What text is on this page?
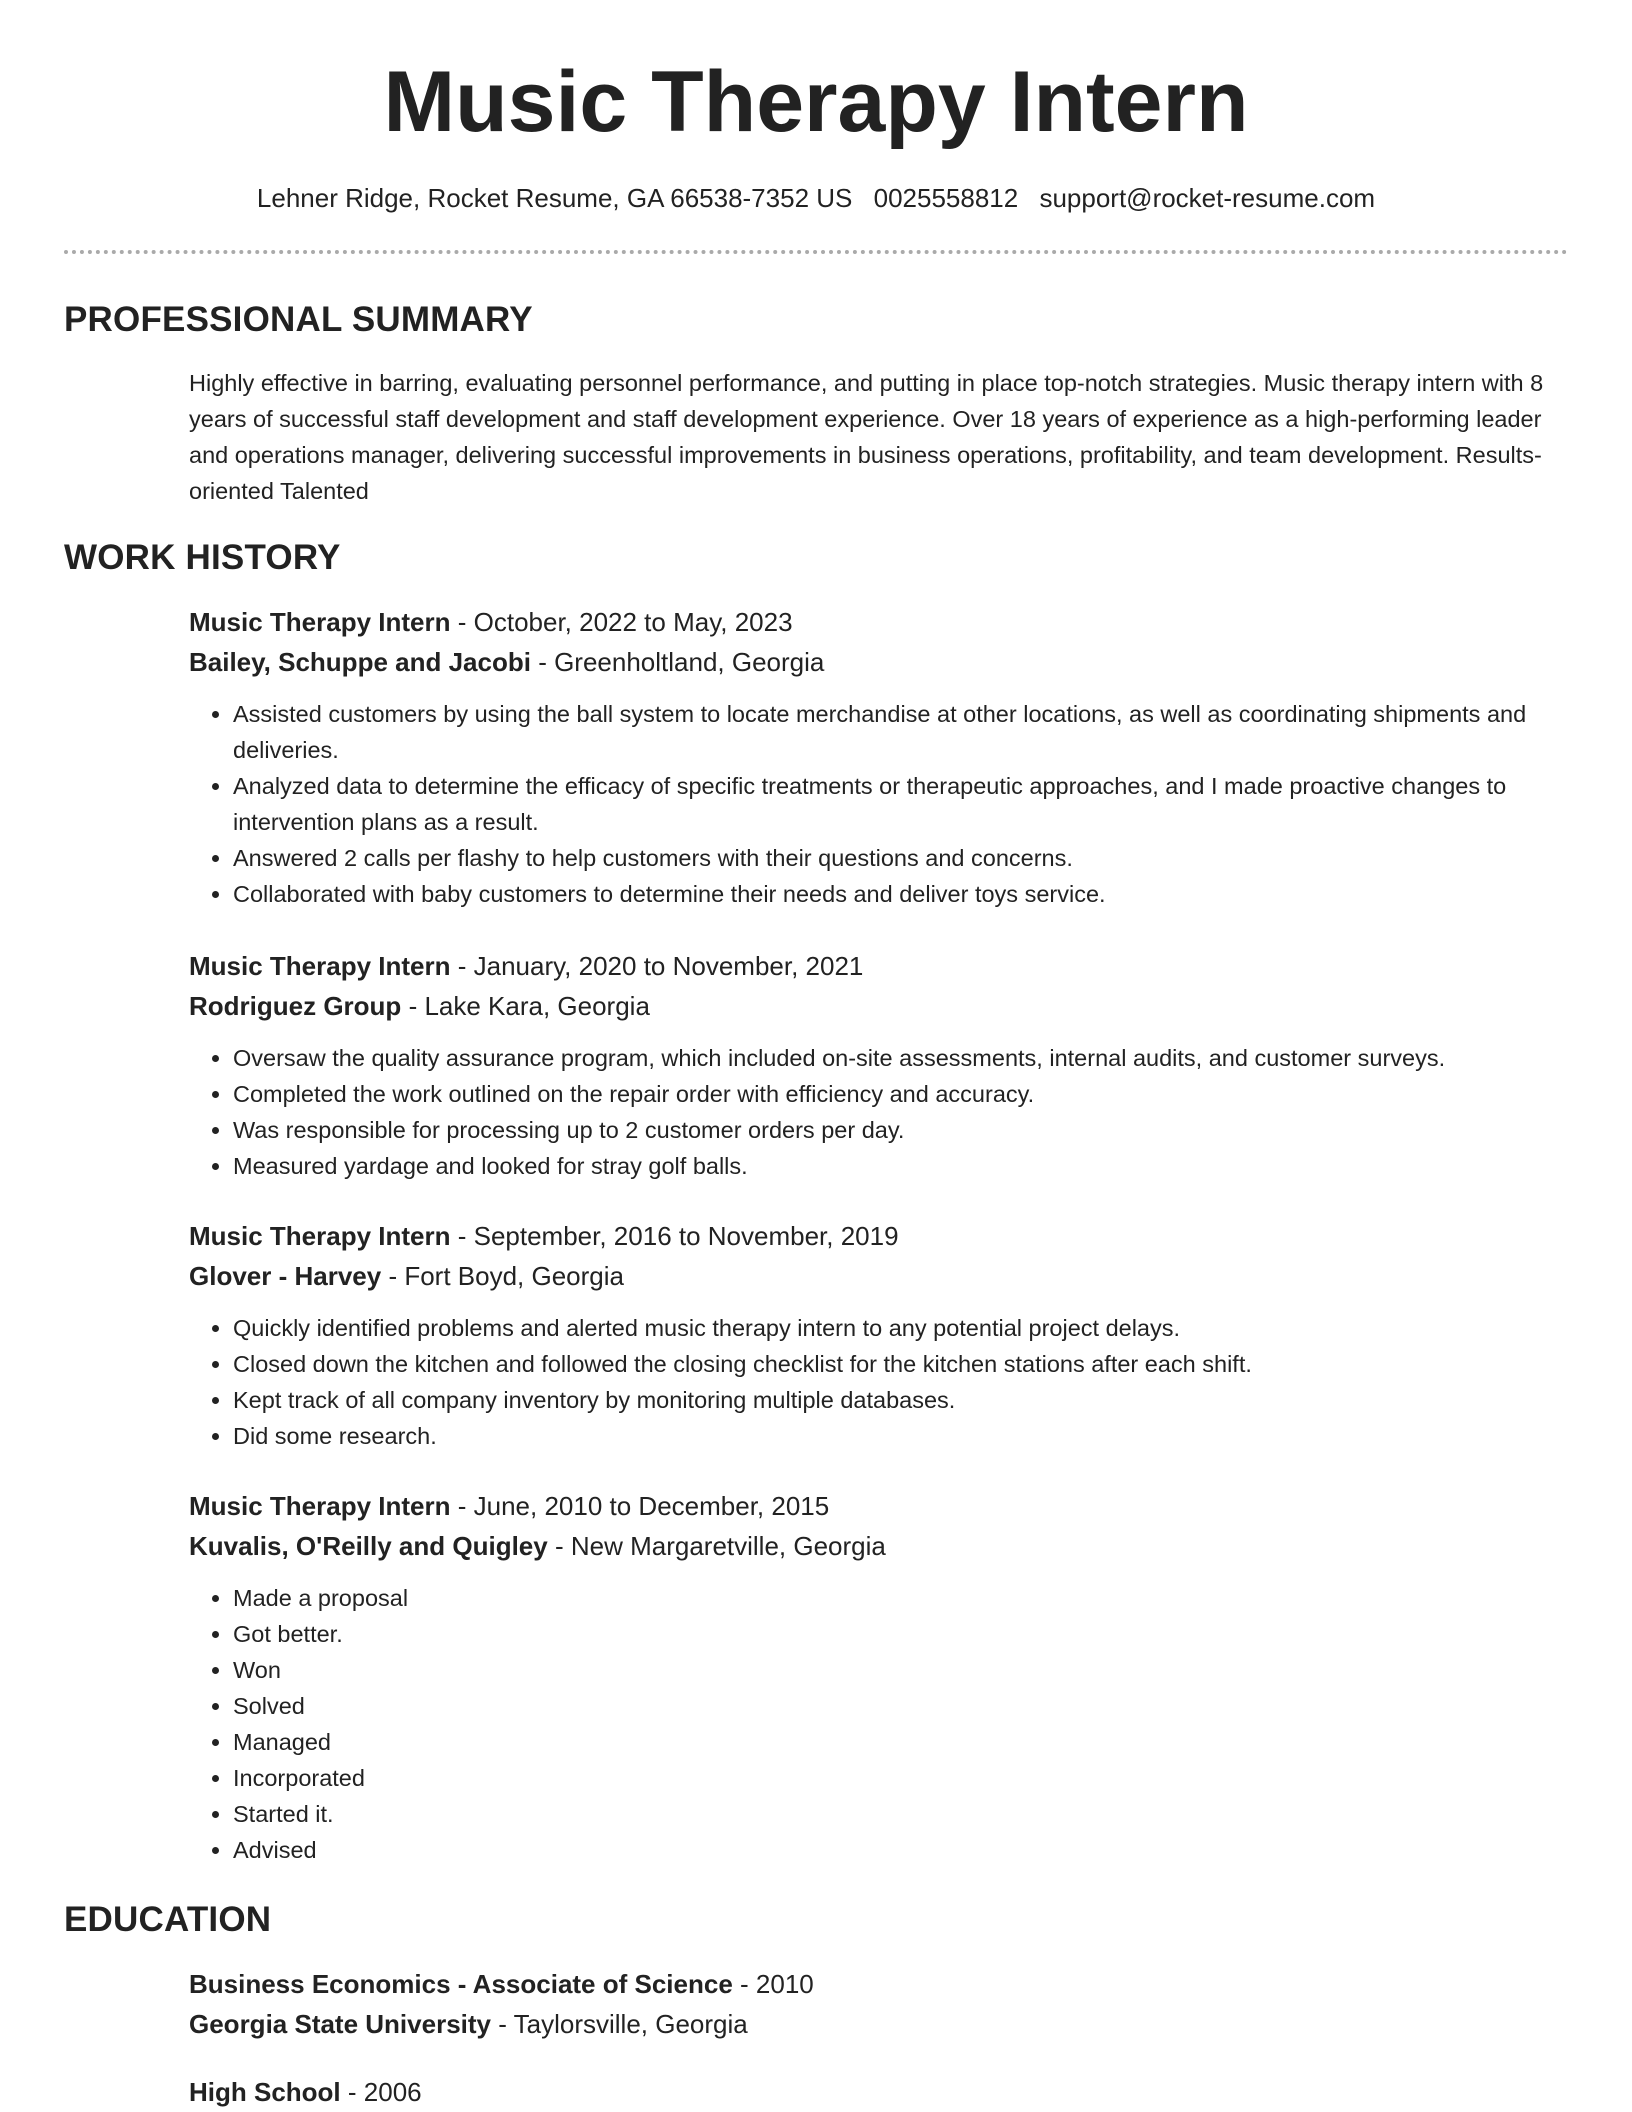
Music Therapy Intern
Lehner Ridge, Rocket Resume, GA 66538-7352 US 0025558812 support@rocket-resume.com
PROFESSIONAL SUMMARY

Highly effective in barring, evaluating personnel performance, and putting in place top-notch strategies. Music therapy intern with 8 years of successful staff development and staff development experience. Over 18 years of experience as a high-performing leader and operations manager, delivering successful improvements in business operations, profitability, and team development. Results-oriented Talented

WORK HISTORY
Music Therapy Intern - October, 2022 to May, 2023
Bailey, Schuppe and Jacobi - Greenholtland, Georgia
• Assisted customers by using the ball system to locate merchandise at other locations, as well as coordinating shipments and deliveries.
• Analyzed data to determine the efficacy of specific treatments or therapeutic approaches, and I made proactive changes to intervention plans as a result.
• Answered 2 calls per flashy to help customers with their questions and concerns.
• Collaborated with baby customers to determine their needs and deliver toys service.
Music Therapy Intern - January, 2020 to November, 2021
Rodriguez Group - Lake Kara, Georgia
• Oversaw the quality assurance program, which included on-site assessments, internal audits, and customer surveys.
• Completed the work outlined on the repair order with efficiency and accuracy.
• Was responsible for processing up to 2 customer orders per day.
• Measured yardage and looked for stray golf balls.
Music Therapy Intern - September, 2016 to November, 2019
Glover - Harvey - Fort Boyd, Georgia
• Quickly identified problems and alerted music therapy intern to any potential project delays.
• Closed down the kitchen and followed the closing checklist for the kitchen stations after each shift.
• Kept track of all company inventory by monitoring multiple databases.
• Did some research.
Music Therapy Intern - June, 2010 to December, 2015
Kuvalis, O'Reilly and Quigley - New Margaretville, Georgia
• Made a proposal
• Got better.
• Won
• Solved
• Managed
• Incorporated
• Started it.
• Advised
EDUCATION
Business Economics - Associate of Science - 2010
Georgia State University - Taylorsville, Georgia
High School - 2006
